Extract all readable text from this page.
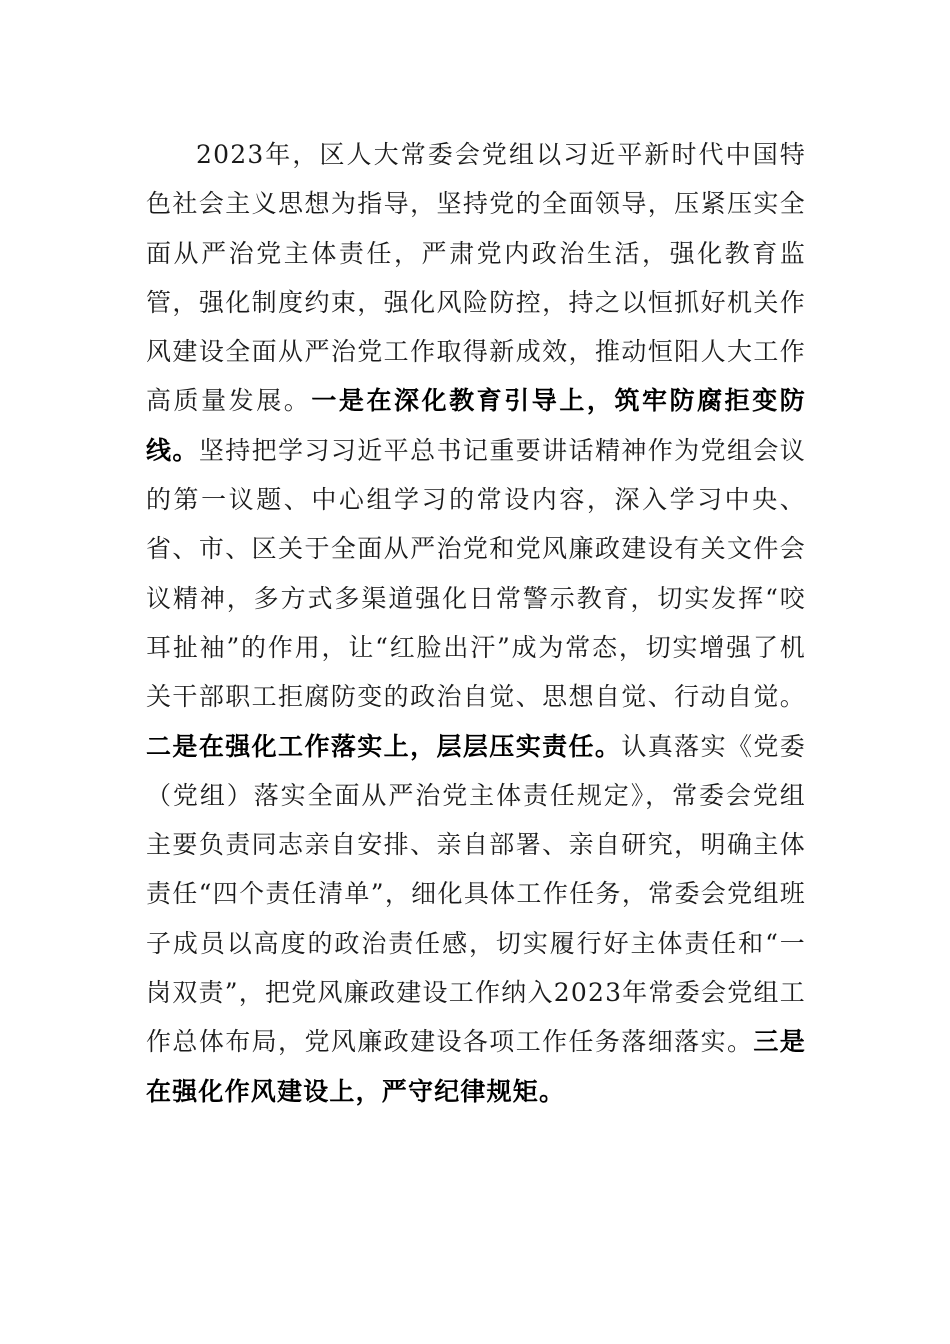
2023年，区人大常委会党组以习近平新时代中国特色社会主义思想为指导，坚持党的全面领导，压紧压实全面从严治党主体责任，严肃党内政治生活，强化教育监管，强化制度约束，强化风险防控，持之以恒抓好机关作风建设全面从严治党工作取得新成效，推动恒阳人大工作高质量发展。一是在深化教育引导上，筑牢防腐拒变防线。坚持把学习习近平总书记重要讲话精神作为党组会议的第一议题、中心组学习的常设内容，深入学习中央、省、市、区关于全面从严治党和党风廉政建设有关文件会议精神，多方式多渠道强化日常警示教育，切实发挥“咬耳扯袖”的作用，让“红脸出汗”成为常态，切实增强了机关干部职工拒腐防变的政治自觉、思想自觉、行动自觉。二是在强化工作落实上，层层压实责任。认真落实《党委（党组）落实全面从严治党主体责任规定》，常委会党组主要负责同志亲自安排、亲自部署、亲自研究，明确主体责任“四个责任清单”，细化具体工作任务，常委会党组班子成员以高度的政治责任感，切实履行好主体责任和“一岗双责”，把党风廉政建设工作纳入2023年常委会党组工作总体布局，党风廉政建设各项工作任务落细落实。三是在强化作风建设上，严守纪律规矩。
